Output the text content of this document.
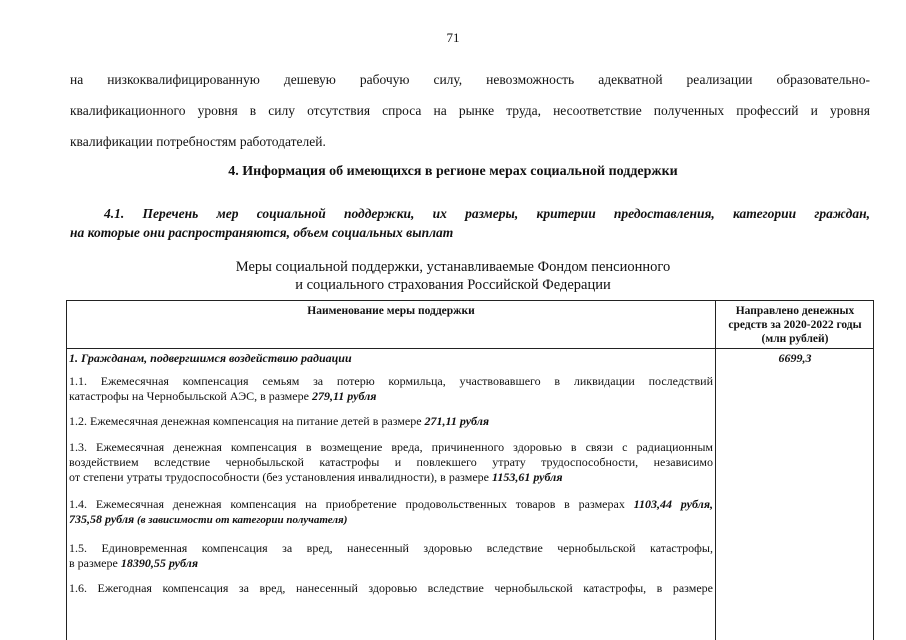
71
на низкоквалифицированную дешевую рабочую силу, невозможность адекватной реализации образовательно-
квалификационного уровня в силу отсутствия спроса на рынке труда, несоответствие полученных профессий и уровня
квалификации потребностям работодателей.
4. Информация об имеющихся в регионе мерах социальной поддержки
4.1. Перечень мер социальной поддержки, их размеры, критерии предоставления, категории граждан,
на которые они распространяются, объем социальных выплат
Меры социальной поддержки, устанавливаемые Фондом пенсионного
и социального страхования Российской Федерации
Наименование меры поддержки	Направлено денежных
средств за 2020-2022 годы
(млн рублей)
1. Гражданам, подвергшимся воздействию радиации	6699,3
1.1. Ежемесячная компенсация семьям за потерю кормильца, участвовавшего в ликвидации последствий
катастрофы на Чернобыльской АЭС, в размере 279,11 рубля
1.2. Ежемесячная денежная компенсация на питание детей в размере 271,11 рубля
1.3. Ежемесячная денежная компенсация в возмещение вреда, причиненного здоровью в связи с радиационным
воздействием вследствие чернобыльской катастрофы и повлекшего утрату трудоспособности, независимо
от степени утраты трудоспособности (без установления инвалидности), в размере 1153,61 рубля
1.4. Ежемесячная денежная компенсация на приобретение продовольственных товаров в размерах 1103,44 рубля,
735,58 рубля (в зависимости от категории получателя)
1.5. Единовременная компенсация за вред, нанесенный здоровью вследствие чернобыльской катастрофы,
в размере 18390,55 рубля
1.6. Ежегодная компенсация за вред, нанесенный здоровью вследствие чернобыльской катастрофы, в размере
